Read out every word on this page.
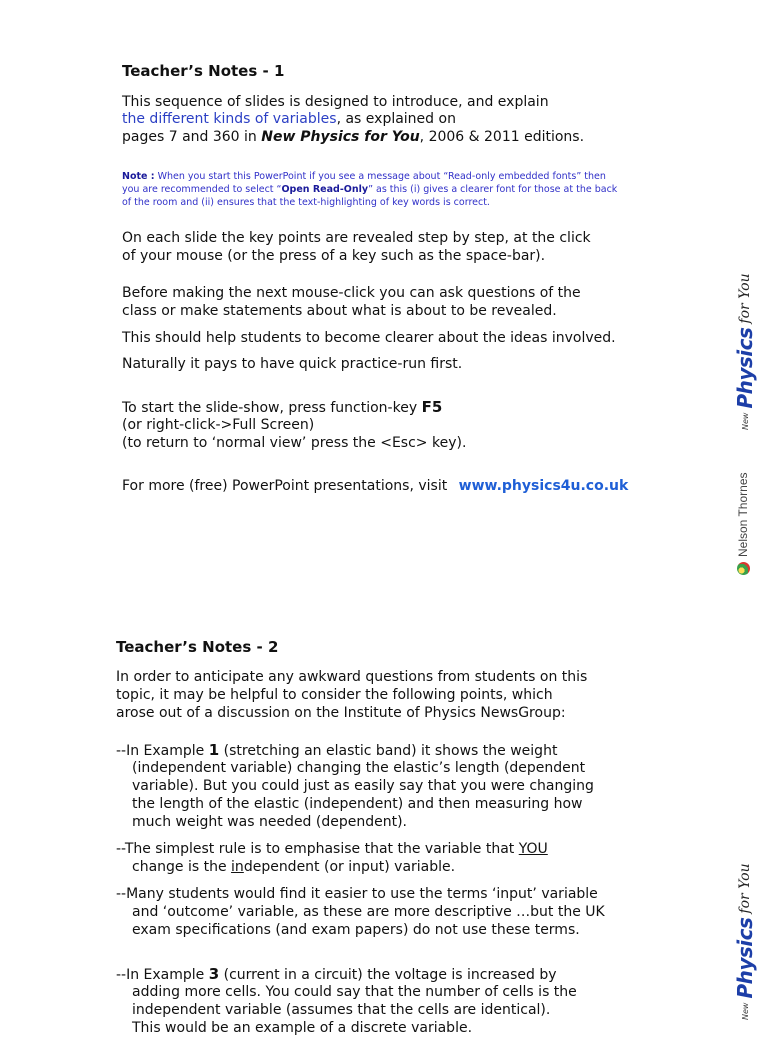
Teacher’s Notes - 1
This sequence of slides is designed to introduce, and explain
the different kinds of variables, as explained on
pages 7 and 360 in New Physics for You, 2006 & 2011 editions.
Note : When you start this PowerPoint if you see a message about “Read-only embedded fonts” then
you are recommended to select “Open Read-Only” as this (i) gives a clearer font for those at the back
of the room and (ii) ensures that the text-highlighting of key words is correct.
On each slide the key points are revealed step by step, at the click
of your mouse (or the press of a key such as the space-bar).
Before making the next mouse-click you can ask questions of the
class or make statements about what is about to be revealed.
This should help students to become clearer about the ideas involved.
Naturally it pays to have quick practice-run first.
To start the slide-show, press function-key F5
(or right-click->Full Screen)
(to return to ‘normal view’ press the <Esc> key).
For more (free) PowerPoint presentations, visit www.physics4u.co.uk
New
Physics
for You
Nelson Thornes
Teacher’s Notes - 2
In order to anticipate any awkward questions from students on this
topic, it may be helpful to consider the following points, which
arose out of a discussion on the Institute of Physics NewsGroup:
--In Example 1 (stretching an elastic band) it shows the weight
(independent variable) changing the elastic’s length (dependent
variable). But you could just as easily say that you were changing
the length of the elastic (independent) and then measuring how
much weight was needed (dependent).
--The simplest rule is to emphasise that the variable that YOU
change is the independent (or input) variable.
--Many students would find it easier to use the terms ‘input’ variable
and ‘outcome’ variable, as these are more descriptive …but the UK
exam specifications (and exam papers) do not use these terms.
--In Example 3 (current in a circuit) the voltage is increased by
adding more cells. You could say that the number of cells is the
independent variable (assumes that the cells are identical).
This would be an example of a discrete variable.
New
Physics
for You
